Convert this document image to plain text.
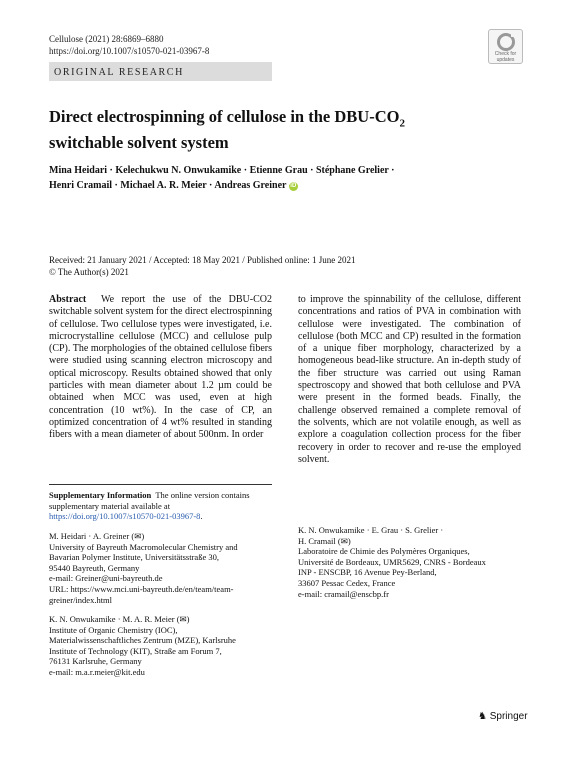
Cellulose (2021) 28:6869–6880
https://doi.org/10.1007/s10570-021-03967-8	Check for
updates
ORIGINAL RESEARCH
Direct electrospinning of cellulose in the DBU-$CO_2$
switchable solvent system
Mina Heidari · Kelechukwu N. Onwukamike · Etienne Grau · Stéphane Grelier ·
Henri Cramail · Michael A. R. Meier · Andreas Greiner iD
Received: 21 January 2021 / Accepted: 18 May 2021 / Published online: 1 June 2021
© The Author(s) 2021
Abstract We report the use of the DBU-CO2 switchable solvent system for the direct electrospinning of cellulose. Two cellulose types were investigated, i.e. microcrystalline cellulose (MCC) and cellulose pulp (CP). The morphologies of the obtained cellulose fibers were studied using scanning electron microscopy and optical microscopy. Results obtained showed that only particles with mean diameter about 1.2 µm could be obtained when MCC was used, even at high concentration (10 wt%). In the case of CP, an optimized concentration of 4 wt% resulted in standing fibers with a mean diameter of about 500nm. In order
to improve the spinnability of the cellulose, different concentrations and ratios of PVA in combination with cellulose were investigated. The combination of cellulose (both MCC and CP) resulted in the formation of a unique fiber morphology, characterized by a homogeneous bead-like structure. An in-depth study of the fiber structure was carried out using Raman spectroscopy and showed that both cellulose and PVA were present in the formed beads. Finally, the challenge observed remained a complete removal of the solvents, which are not volatile enough, as well as explore a coagulation collection process for the fiber recovery in order to recover and re-use the employed solvent.
Supplementary Information The online version contains supplementary material available at https://doi.org/10.1007/s10570-021-03967-8.

M. Heidari · A. Greiner (✉)

University of Bayreuth Macromolecular Chemistry and

Bavarian Polymer Institute, Universitätsstraße 30,

95440 Bayreuth, Germany

e-mail: Greiner@uni-bayreuth.de

URL: https://www.mci.uni-bayreuth.de/en/team/team-

greiner/index.html

K. N. Onwukamike · M. A. R. Meier (✉)

Institute of Organic Chemistry (IOC),

Materialwissenschaftliches Zentrum (MZE), Karlsruhe

Institute of Technology (KIT), Straße am Forum 7,

76131 Karlsruhe, Germany

e-mail: m.a.r.meier@kit.edu

K. N. Onwukamike · E. Grau · S. Grelier ·

H. Cramail (✉)

Laboratoire de Chimie des Polymères Organiques,

Université de Bordeaux, UMR5629, CNRS - Bordeaux

INP - ENSCBP, 16 Avenue Pey-Berland,

33607 Pessac Cedex, France

e-mail: cramail@enscbp.fr

♞ Springer
